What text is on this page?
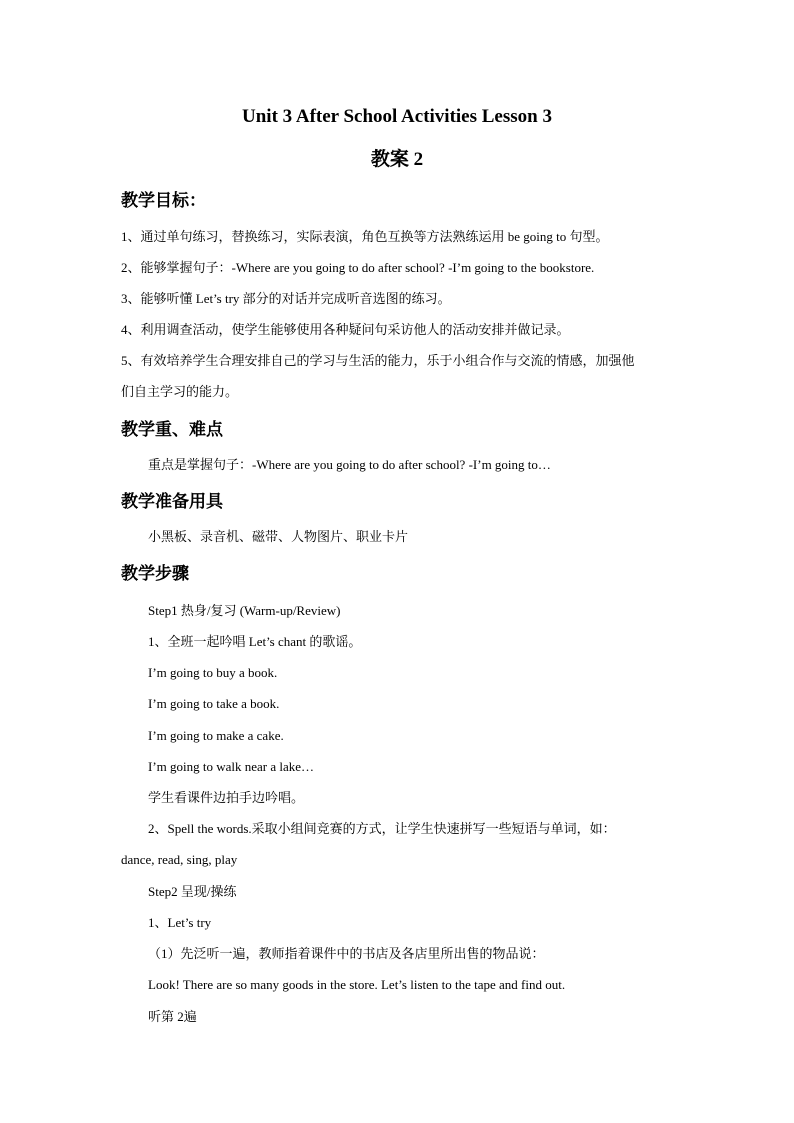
Unit 3 After School Activities Lesson 3
教案 2
教学目标：

1、通过单句练习，替换练习，实际表演，角色互换等方法熟练运用 be going to 句型。

2、能够掌握句子：-Where are you going to do after school? -I’m going to the bookstore.

3、能够听懂 Let’s try 部分的对话并完成听音选图的练习。

4、利用调查活动，使学生能够使用各种疑问句采访他人的活动安排并做记录。

5、有效培养学生合理安排自己的学习与生活的能力，乐于小组合作与交流的情感，加强他

们自主学习的能力。

教学重、难点

重点是掌握句子：-Where are you going to do after school? -I’m going to…

教学准备用具

小黑板、录音机、磁带、人物图片、职业卡片

教学步骤

Step1 热身/复习 (Warm-up/Review)

1、全班一起吟唱 Let’s chant 的歌谣。

I’m going to buy a book.

I’m going to take a book.

I’m going to make a cake.

I’m going to walk near a lake…

学生看课件边拍手边吟唱。

2、Spell the words.采取小组间竞赛的方式，让学生快速拼写一些短语与单词，如：

dance, read, sing, play

Step2 呈现/操练

1、Let’s try

（1）先泛听一遍，教师指着课件中的书店及各店里所出售的物品说：

Look! There are so many goods in the store. Let’s listen to the tape and find out.

听第 2遍
